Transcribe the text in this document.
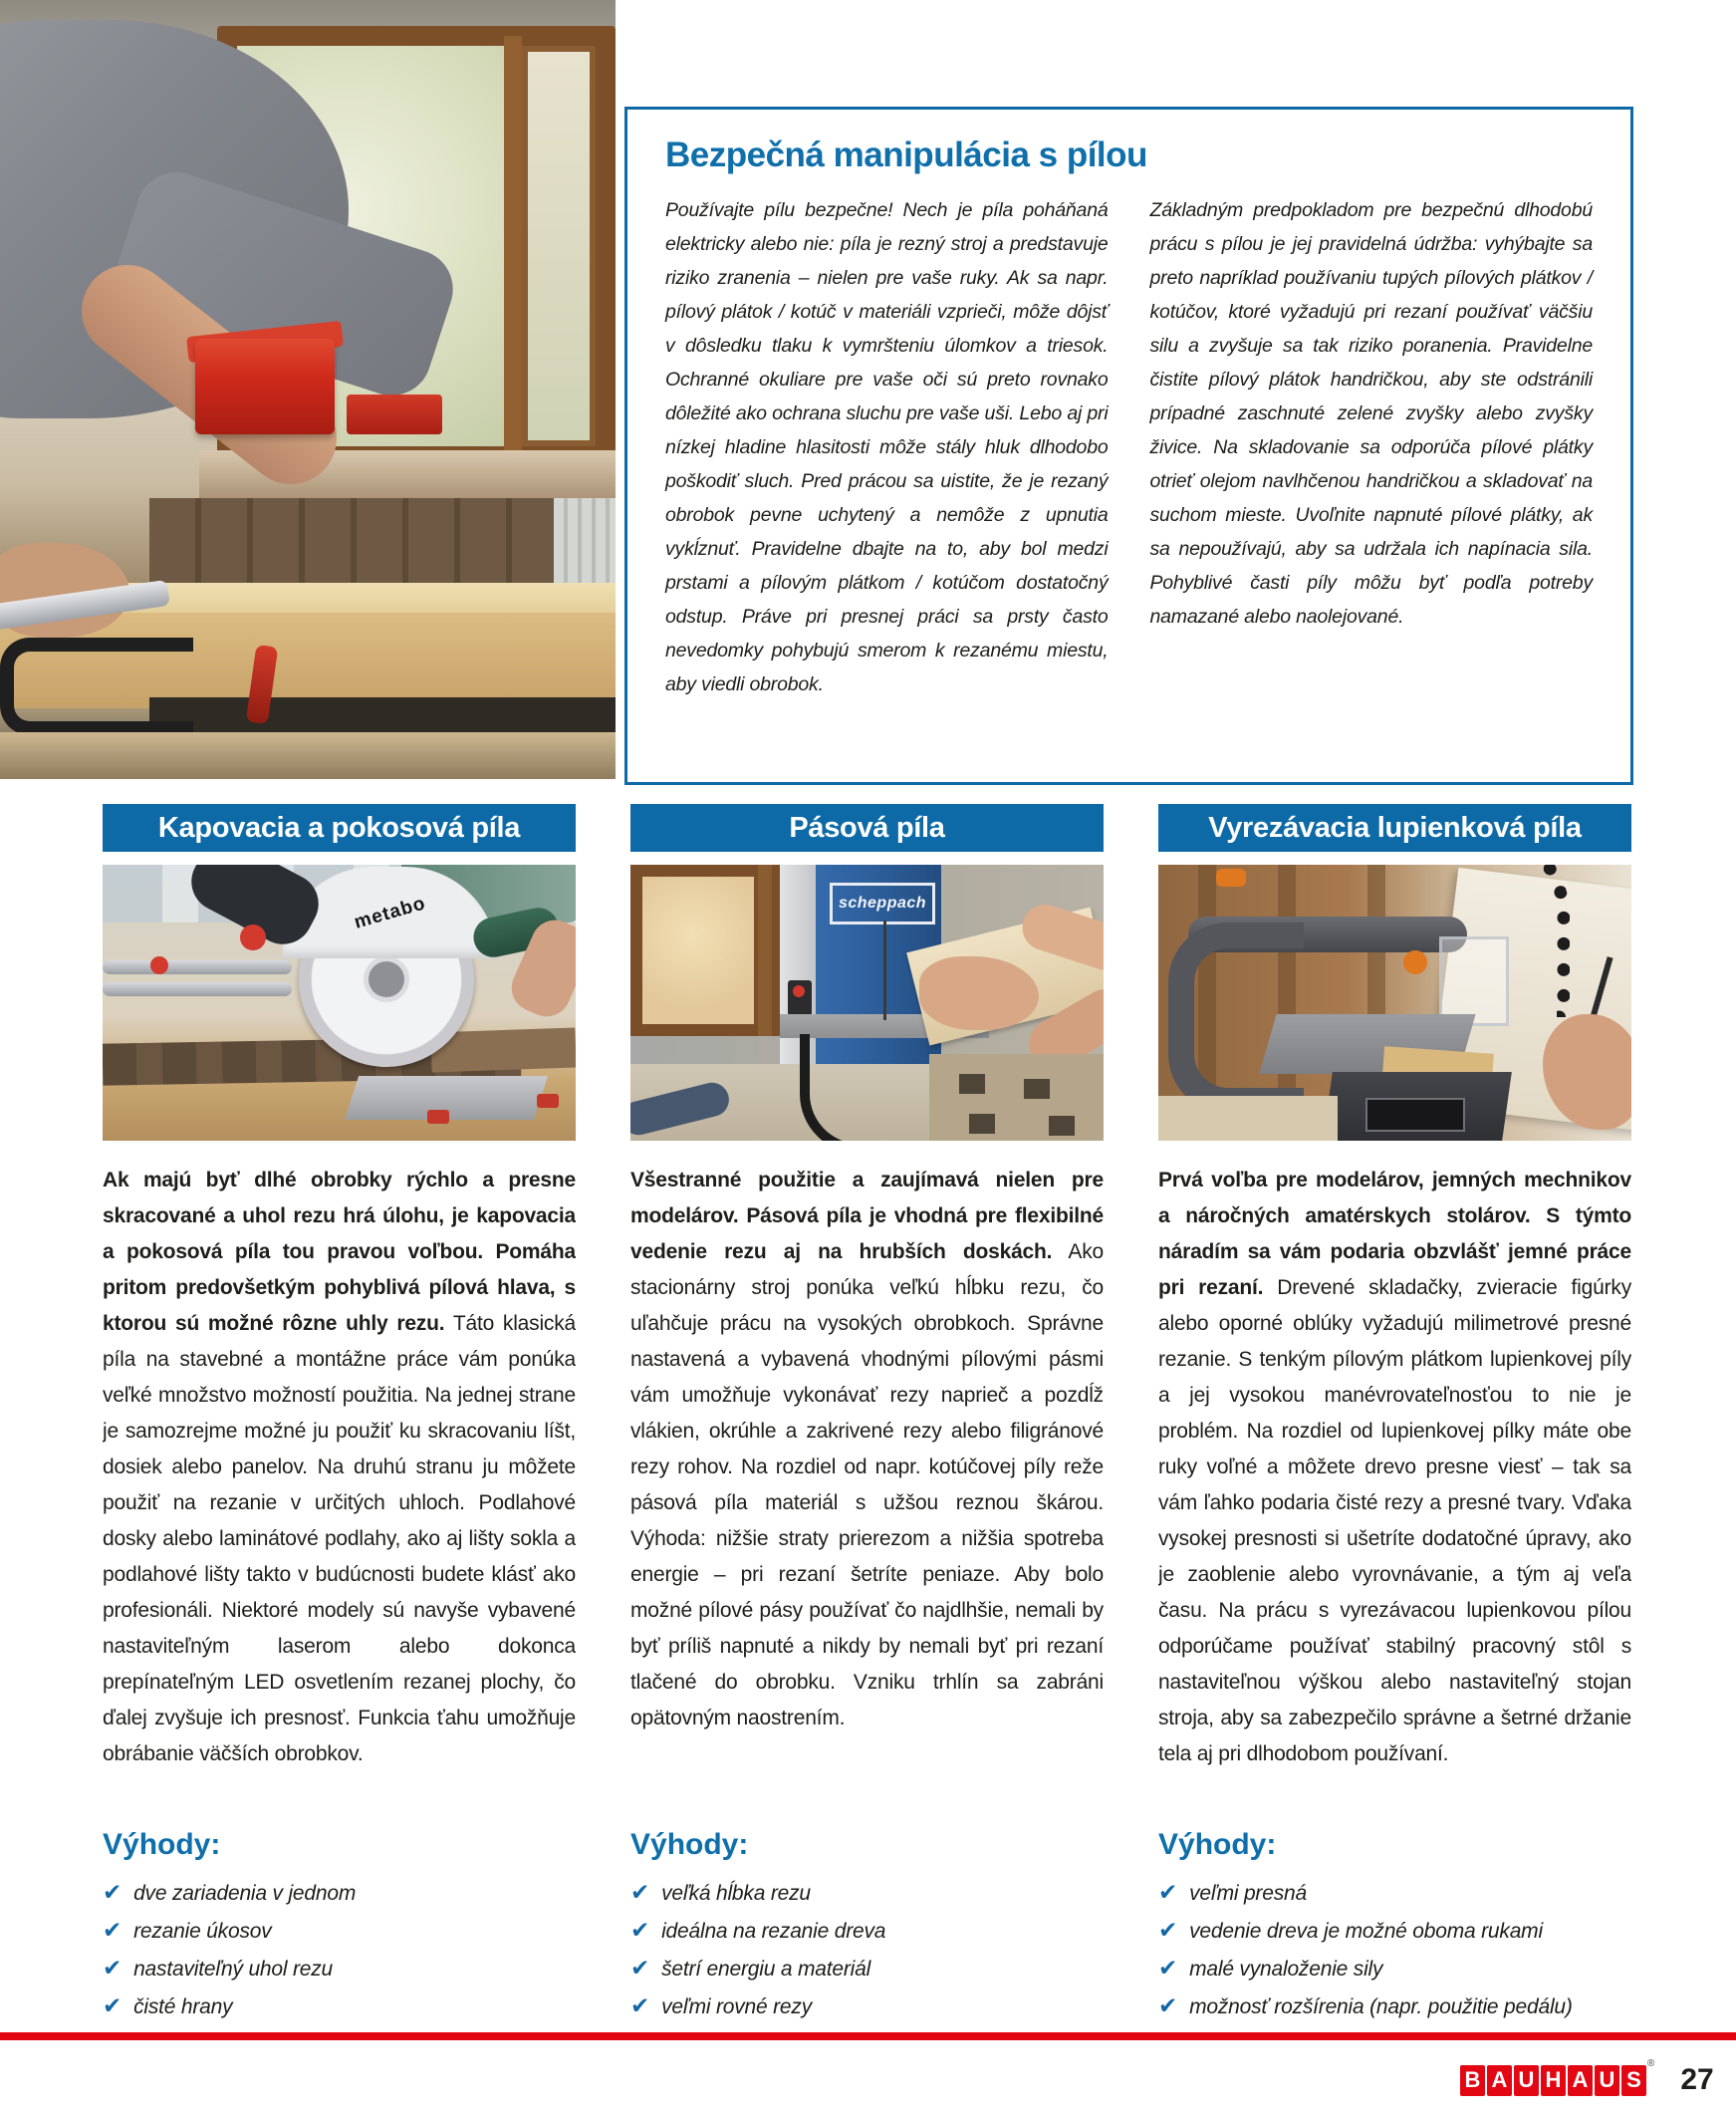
Bezpečná manipulácia s pílou

Používajte pílu bezpečne! Nech je píla poháňaná elektricky alebo nie: píla je rezný stroj a predstavuje riziko zranenia – nielen pre vaše ruky. Ak sa napr. pílový plátok / kotúč v materiáli vzprieči, môže dôjsť v dôsledku tlaku k vymršteniu úlomkov a triesok. Ochranné okuliare pre vaše oči sú preto rovnako dôležité ako ochrana sluchu pre vaše uši. Lebo aj pri nízkej hladine hlasitosti môže stály hluk dlhodobo poškodiť sluch. Pred prácou sa uistite, že je rezaný obrobok pevne uchytený a nemôže z upnutia vykĺznuť. Pravidelne dbajte na to, aby bol medzi prstami a pílovým plátkom / kotúčom dostatočný odstup. Práve pri presnej práci sa prsty často nevedomky pohybujú smerom k rezanému miestu, aby viedli obrobok.

Základným predpokladom pre bezpečnú dlhodobú prácu s pílou je jej pravidelná údržba: vyhýbajte sa preto napríklad používaniu tupých pílových plátkov / kotúčov, ktoré vyžadujú pri rezaní používať väčšiu silu a zvyšuje sa tak riziko poranenia. Pravidelne čistite pílový plátok handričkou, aby ste odstránili prípadné zaschnuté zelené zvyšky alebo zvyšky živice. Na skladovanie sa odporúča pílové plátky otrieť olejom navlhčenou handričkou a skladovať na suchom mieste. Uvoľnite napnuté pílové plátky, ak sa nepoužívajú, aby sa udržala ich napínacia sila. Pohyblivé časti píly môžu byť podľa potreby namazané alebo naolejované.

Kapovacia a pokosová píla
metabo
Ak majú byť dlhé obrobky rýchlo a presne skracované a uhol rezu hrá úlohu, je kapovacia a pokosová píla tou pravou voľbou. Pomáha pritom predovšetkým pohyblivá pílová hlava, s ktorou sú možné rôzne uhly rezu. Táto klasická píla na stavebné a montážne práce vám ponúka veľké množstvo možností použitia. Na jednej strane je samozrejme možné ju použiť ku skracovaniu líšt, dosiek alebo panelov. Na druhú stranu ju môžete použiť na rezanie v určitých uhloch. Podlahové dosky alebo laminátové podlahy, ako aj lišty sokla a podlahové lišty takto v budúcnosti budete klásť ako profesionáli. Niektoré modely sú navyše vybavené nastaviteľným laserom alebo dokonca prepínateľným LED osvetlením rezanej plochy, čo ďalej zvyšuje ich presnosť. Funkcia ťahu umožňuje obrábanie väčších obrobkov.
Výhody:
✔ dve zariadenia v jednom
✔ rezanie úkosov
✔ nastaviteľný uhol rezu
✔ čisté hrany
Pásová píla
scheppach
Všestranné použitie a zaujímavá nielen pre modelárov. Pásová píla je vhodná pre flexibilné vedenie rezu aj na hrubších doskách. Ako stacionárny stroj ponúka veľkú hĺbku rezu, čo uľahčuje prácu na vysokých obrobkoch. Správne nastavená a vybavená vhodnými pílovými pásmi vám umožňuje vykonávať rezy naprieč a pozdĺž vlákien, okrúhle a zakrivené rezy alebo filigránové rezy rohov. Na rozdiel od napr. kotúčovej píly reže pásová píla materiál s užšou reznou škárou. Výhoda: nižšie straty prierezom a nižšia spotreba energie – pri rezaní šetríte peniaze. Aby bolo možné pílové pásy používať čo najdlhšie, nemali by byť príliš napnuté a nikdy by nemali byť pri rezaní tlačené do obrobku. Vzniku trhlín sa zabráni opätovným naostrením.
Výhody:
✔ veľká hĺbka rezu
✔ ideálna na rezanie dreva
✔ šetrí energiu a materiál
✔ veľmi rovné rezy
Vyrezávacia lupienková píla
Prvá voľba pre modelárov, jemných mechnikov a náročných amatérskych stolárov. S týmto náradím sa vám podaria obzvlášť jemné práce pri rezaní. Drevené skladačky, zvieracie figúrky alebo oporné oblúky vyžadujú milimetrové presné rezanie. S tenkým pílovým plátkom lupienkovej píly a jej vysokou manévrovateľnosťou to nie je problém. Na rozdiel od lupienkovej pílky máte obe ruky voľné a môžete drevo presne viesť – tak sa vám ľahko podaria čisté rezy a presné tvary. Vďaka vysokej presnosti si ušetríte dodatočné úpravy, ako je zaoblenie alebo vyrovnávanie, a tým aj veľa času. Na prácu s vyrezávacou lupienkovou pílou odporúčame používať stabilný pracovný stôl s nastaviteľnou výškou alebo nastaviteľný stojan stroja, aby sa zabezpečilo správne a šetrné držanie tela aj pri dlhodobom používaní.
Výhody:
✔ veľmi presná
✔ vedenie dreva je možné oboma rukami
✔ malé vynaloženie sily
✔ možnosť rozšírenia (napr. použitie pedálu)
B A U H A U S
® 27
